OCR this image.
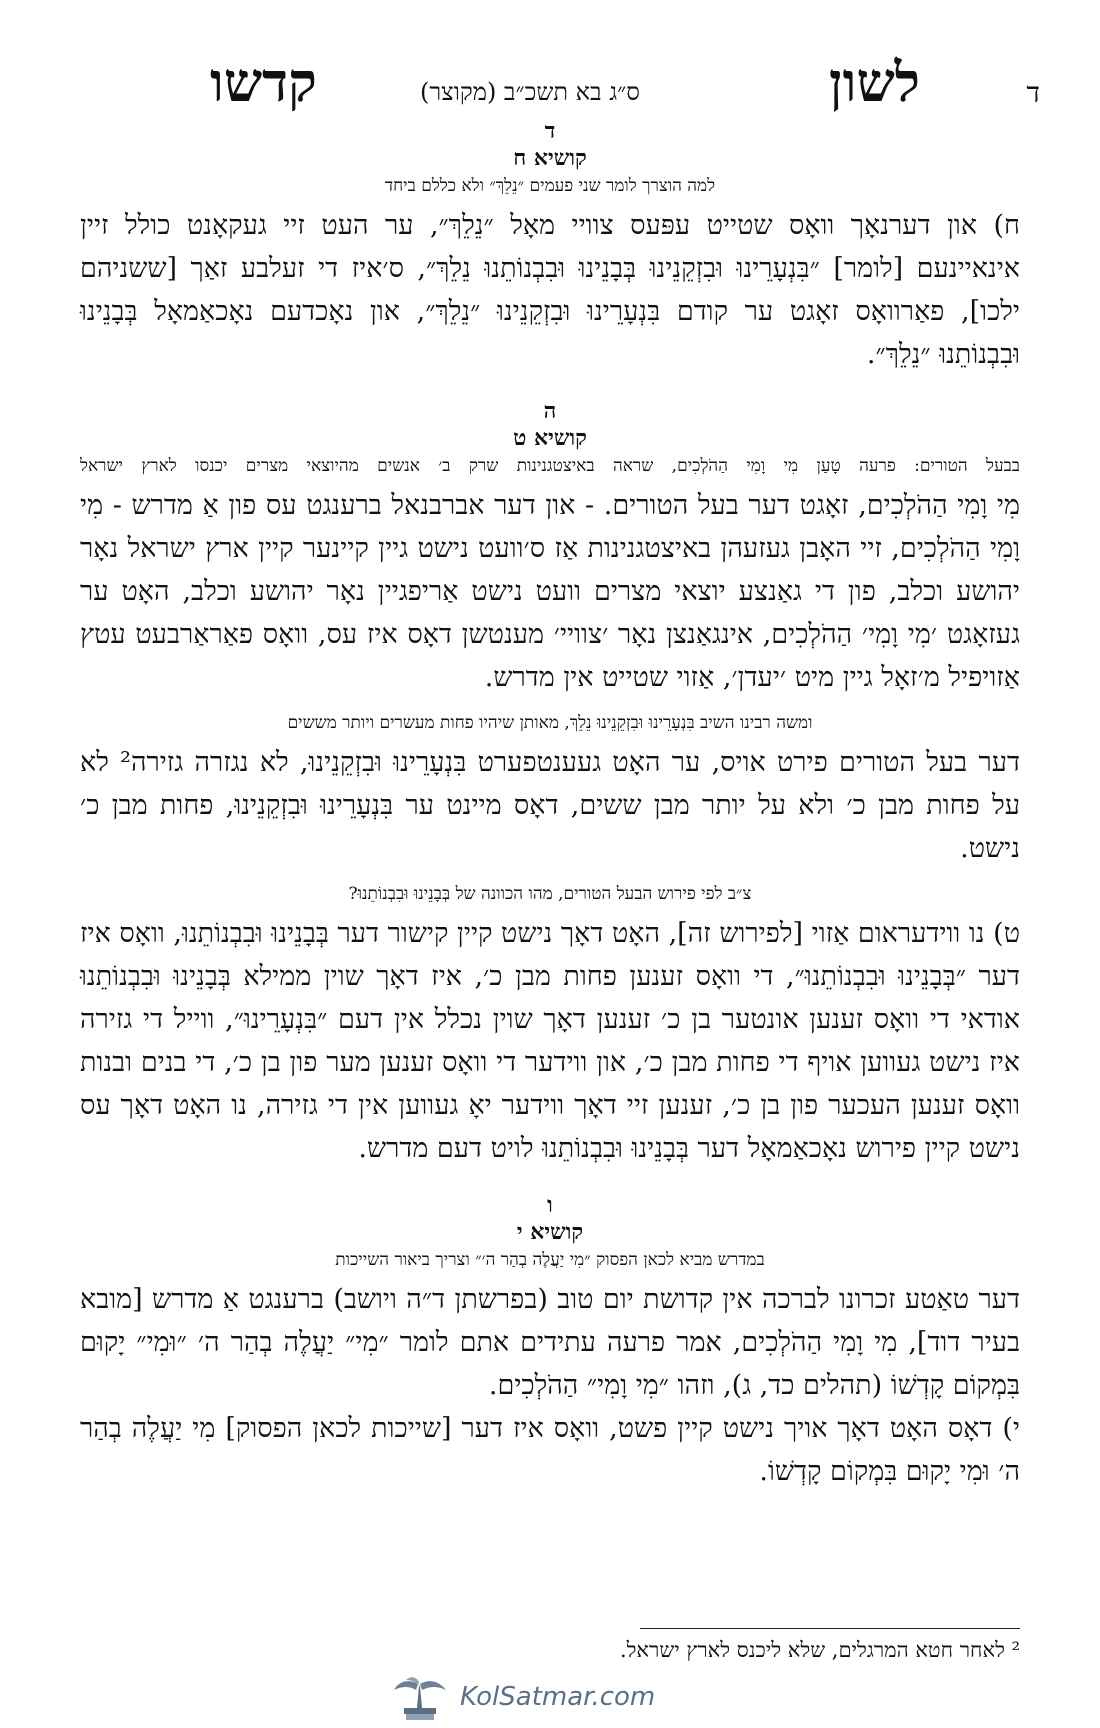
ד
לשון
ס״ג בא תשכ״ב (מקוצר)
קדשו
ד
קושיא ח
למה הוצרך לומר שני פעמים ״נֵלֵךְ״ ולא כללם ביחד

ח) און דערנאָך וואָס שטייט עפּעס צוויי מאָל ״נֵלֵךְ״, ער העט זיי געקאָנט כולל זיין אינאיינעם [לומר] ״בִּנְעָרֵינוּ וּבִזְקֵנֵינוּ בְּבָנֵינוּ וּבִבְנוֹתֵנוּ נֵלֵךְ״, ס׳איז די זעלבע זאַך [ששניהם ילכו], פאַרוואָס זאָגט ער קודם בִּנְעָרֵינוּ וּבִזְקֵנֵינוּ ״נֵלֵךְ״, און נאָכדעם נאָכאַמאָל בְּבָנֵינוּ וּבִבְנוֹתֵנוּ ״נֵלֵךְ״.

ה
קושיא ט
בבעל הטורים: פרעה טָעַן מִי וָמִי הַהֹלְכִים, שראה באיצטגנינות שרק ב׳ אנשים מהיוצאי מצרים יכנסו לארץ ישראל

מִי וָמִי הַהֹלְכִים, זאָגט דער בעל הטורים. - און דער אברבנאל ברענגט עס פון אַ מדרש - מִי וָמִי הַהֹלְכִים, זיי האָבן געזעהן באיצטגנינות אַז ס׳וועט נישט גיין קיינער קיין ארץ ישראל נאָר יהושע וכלב, פון די גאַנצע יוצאי מצרים וועט נישט אַריפגיין נאָר יהושע וכלב, האָט ער געזאָגט ׳מִי וָמִי׳ הַהֹלְכִים, אינגאַנצן נאָר ׳צוויי׳ מענטשן דאָס איז עס, וואָס פאַראַרבעט עטץ אַזויפיל מ׳זאָל גיין מיט ׳יעדן׳, אַזוי שטייט אין מדרש.

ומשה רבינו השיב בִּנְעָרֵינוּ וּבִזְקֵנֵינוּ נֵלֵךְ, מאותן שיהיו פחות מעשרים ויותר מששים

דער בעל הטורים פירט אויס, ער האָט געענטפערט בִּנְעָרֵינוּ וּבִזְקֵנֵינוּ, לא נגזרה גזירה² לא על פחות מבן כ׳ ולא על יותר מבן ששים, דאָס מיינט ער בִּנְעָרֵינוּ וּבִזְקֵנֵינוּ, פחות מבן כ׳ נישט.

צ״ב לפי פירוש הבעל הטורים, מהו הכוונה של בְּבָנֵינוּ וּבִבְנוֹתֵנוּ?

ט) נו ווידעראום אַזוי [לפירוש זה], האָט דאָך נישט קיין קישור דער בְּבָנֵינוּ וּבִבְנוֹתֵנוּ, וואָס איז דער ״בְּבָנֵינוּ וּבִבְנוֹתֵנוּ״, די וואָס זענען פחות מבן כ׳, איז דאָך שוין ממילא בְּבָנֵינוּ וּבִבְנוֹתֵנוּ אודאי די וואָס זענען אונטער בן כ׳ זענען דאָך שוין נכלל אין דעם ״בִּנְעָרֵינוּ״, ווייל די גזירה איז נישט געווען אויף די פחות מבן כ׳, און ווידער די וואָס זענען מער פון בן כ׳, די בנים ובנות וואָס זענען העכער פון בן כ׳, זענען זיי דאָך ווידער יאָ געווען אין די גזירה, נו האָט דאָך עס נישט קיין פירוש נאָכאַמאָל דער בְּבָנֵינוּ וּבִבְנוֹתֵנוּ לויט דעם מדרש.

ו
קושיא י
במדרש מביא לכאן הפסוק ״מִי יַעֲלֶה בְהַר ה׳״ וצריך ביאור השייכות

דער טאַטע זכרונו לברכה אין קדושת יום טוב (בפרשתן ד״ה ויושב) ברענגט אַ מדרש [מובא בעיר דוד], מִי וָמִי הַהֹלְכִים, אמר פרעה עתידים אתם לומר ״מִי״ יַעֲלֶה בְהַר ה׳ ״וּמִי״ יָקוּם בִּמְקוֹם קָדְשׁוֹ (תהלים כד, ג), וזהו ״מִי וָמִי״ הַהֹלְכִים.

י) דאָס האָט דאָך אויך נישט קיין פשט, וואָס איז דער [שייכות לכאן הפסוק] מִי יַעֲלֶה בְהַר ה׳ וּמִי יָקוּם בִּמְקוֹם קָדְשׁוֹ.

² לאחר חטא המרגלים, שלא ליכנס לארץ ישראל.
KolSatmar.com
